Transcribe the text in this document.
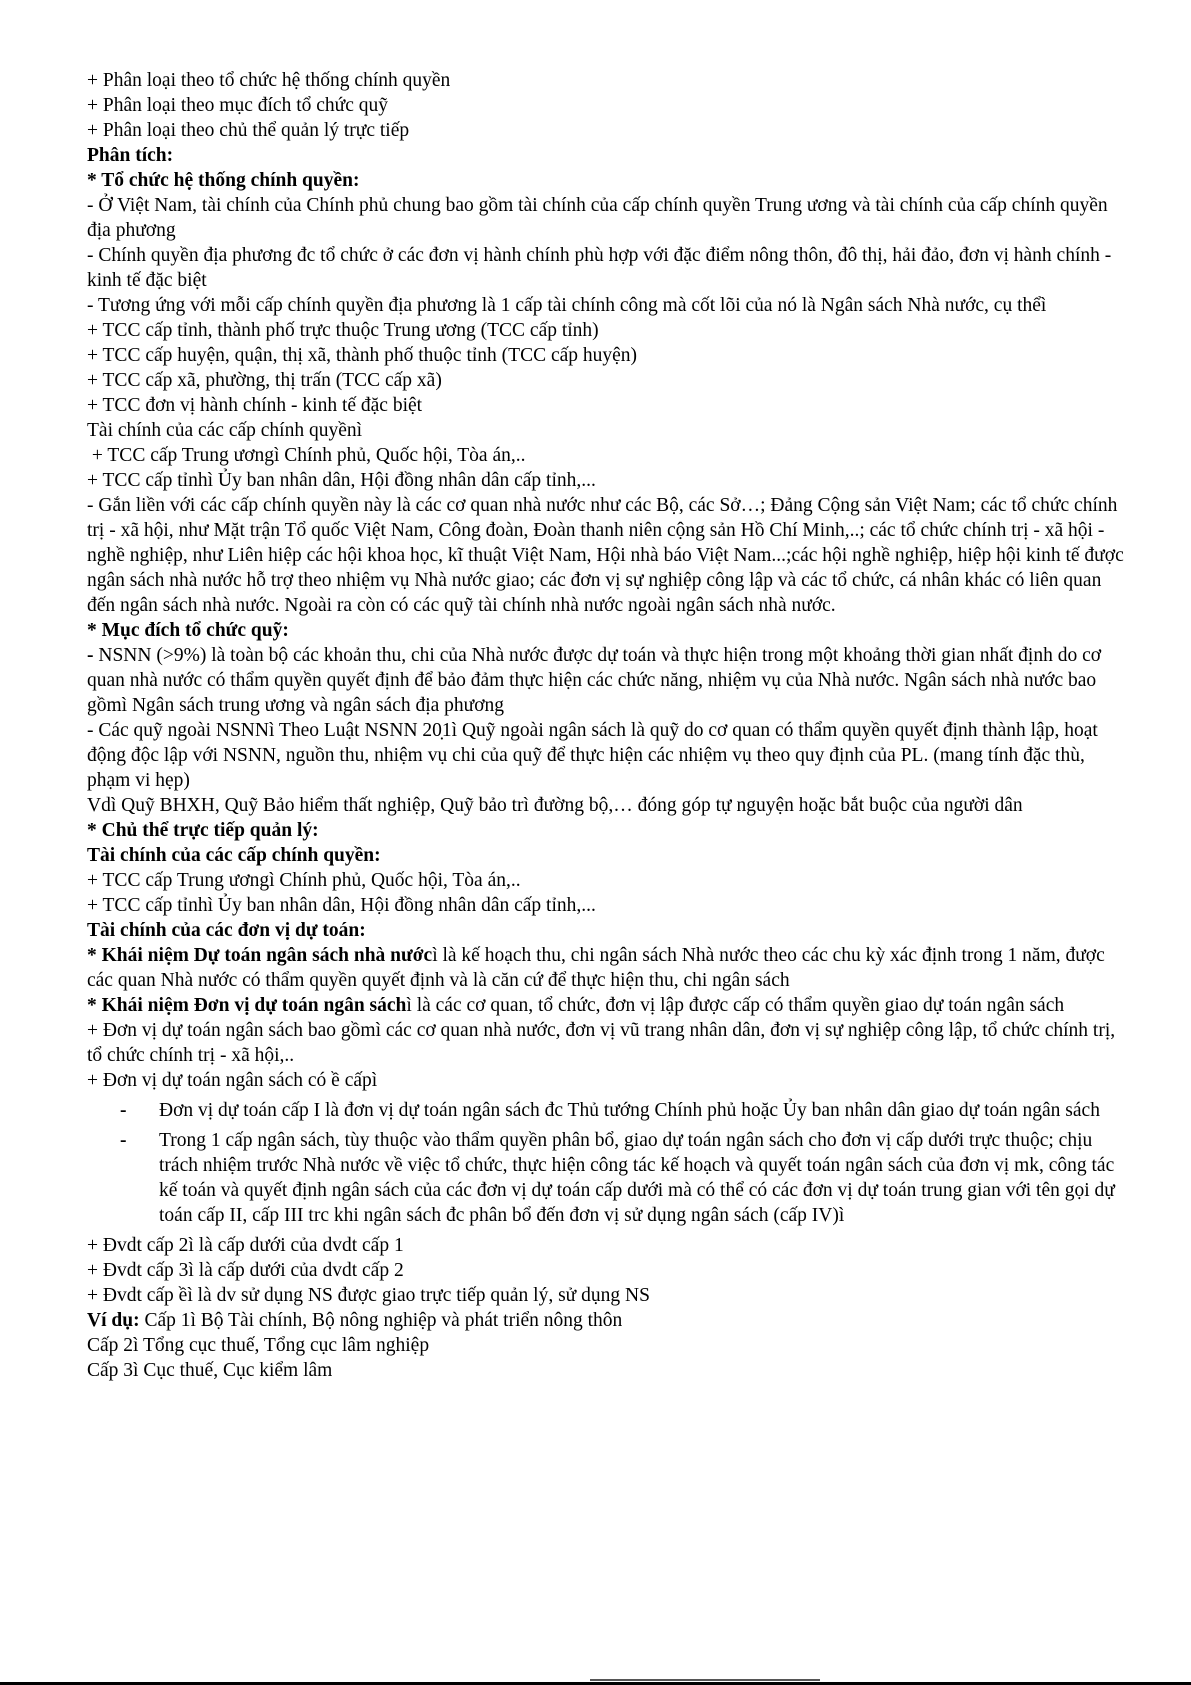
+ Phân loại theo tổ chức hệ thống chính quyền

+ Phân loại theo mục đích tổ chức quỹ

+ Phân loại theo chủ thể quản lý trực tiếp

Phân tích:

* Tổ chức hệ thống chính quyền:

- Ở Việt Nam, tài chính của Chính phủ chung bao gồm tài chính của cấp chính quyền Trung ương và tài chính của cấp chính quyền địa phương

- Chính quyền địa phương đc tổ chức ở các đơn vị hành chính phù hợp với đặc điểm nông thôn, đô thị, hải đảo, đơn vị hành chính - kinh tế đặc biệt

- Tương ứng với mỗi cấp chính quyền địa phương là 1 cấp tài chính công mà cốt lõi của nó là Ngân sách Nhà nước, cụ thểì

+ TCC cấp tỉnh, thành phố trực thuộc Trung ương (TCC cấp tỉnh)

+ TCC cấp huyện, quận, thị xã, thành phố thuộc tỉnh (TCC cấp huyện)

+ TCC cấp xã, phường, thị trấn (TCC cấp xã)

+ TCC đơn vị hành chính - kinh tế đặc biệt

Tài chính của các cấp chính quyềnì

+ TCC cấp Trung ươngì Chính phủ, Quốc hội, Tòa án,..

+ TCC cấp tỉnhì Ủy ban nhân dân, Hội đồng nhân dân cấp tỉnh,...

- Gắn liền với các cấp chính quyền này là các cơ quan nhà nước như các Bộ, các Sở…; Đảng Cộng sản Việt Nam; các tổ chức chính trị - xã hội, như Mặt trận Tổ quốc Việt Nam, Công đoàn, Đoàn thanh niên cộng sản Hồ Chí Minh,..; các tổ chức chính trị - xã hội - nghề nghiệp, như Liên hiệp các hội khoa học, kĩ thuật Việt Nam, Hội nhà báo Việt Nam...;các hội nghề nghiệp, hiệp hội kinh tế được ngân sách nhà nước hỗ trợ theo nhiệm vụ Nhà nước giao; các đơn vị sự nghiệp công lập và các tổ chức, cá nhân khác có liên quan đến ngân sách nhà nước. Ngoài ra còn có các quỹ tài chính nhà nước ngoài ngân sách nhà nước.

* Mục đích tổ chức quỹ:

- NSNN (>9%) là toàn bộ các khoản thu, chi của Nhà nước được dự toán và thực hiện trong một khoảng thời gian nhất định do cơ quan nhà nước có thẩm quyền quyết định để bảo đảm thực hiện các chức năng, nhiệm vụ của Nhà nước. Ngân sách nhà nước bao gồmì Ngân sách trung ương và ngân sách địa phương

- Các quỹ ngoài NSNNì Theo Luật NSNN 20̣1ì Quỹ ngoài ngân sách là quỹ do cơ quan có thẩm quyền quyết định thành lập, hoạt động độc lập với NSNN, nguồn thu, nhiệm vụ chi của quỹ để thực hiện các nhiệm vụ theo quy định của PL. (mang tính đặc thù, phạm vi hẹp)

Vdì Quỹ BHXH, Quỹ Bảo hiểm thất nghiệp, Quỹ bảo trì đường bộ,… đóng góp tự nguyện hoặc bắt buộc của người dân

* Chủ thể trực tiếp quản lý:

Tài chính của các cấp chính quyền:

+ TCC cấp Trung ươngì Chính phủ, Quốc hội, Tòa án,..

+ TCC cấp tỉnhì Ủy ban nhân dân, Hội đồng nhân dân cấp tỉnh,...

Tài chính của các đơn vị dự toán:

* Khái niệm Dự toán ngân sách nhà nướcì là kế hoạch thu, chi ngân sách Nhà nước theo các chu kỳ xác định trong 1 năm, được các quan Nhà nước có thẩm quyền quyết định và là căn cứ để thực hiện thu, chi ngân sách

* Khái niệm Đơn vị dự toán ngân sáchì là các cơ quan, tổ chức, đơn vị lập được cấp có thẩm quyền giao dự toán ngân sách

+ Đơn vị dự toán ngân sách bao gồmì các cơ quan nhà nước, đơn vị vũ trang nhân dân, đơn vị sự nghiệp công lập, tổ chức chính trị, tổ chức chính trị - xã hội,..

+ Đơn vị dự toán ngân sách có ề cấpì

- Đơn vị dự toán cấp I là đơn vị dự toán ngân sách đc Thủ tướng Chính phủ hoặc Ủy ban nhân dân giao dự toán ngân sách

- Trong 1 cấp ngân sách, tùy thuộc vào thẩm quyền phân bổ, giao dự toán ngân sách cho đơn vị cấp dưới trực thuộc; chịu trách nhiệm trước Nhà nước về việc tổ chức, thực hiện công tác kế hoạch và quyết toán ngân sách của đơn vị mk, công tác kế toán và quyết định ngân sách của các đơn vị dự toán cấp dưới mà có thể có các đơn vị dự toán trung gian với tên gọi dự toán cấp II, cấp III trc khi ngân sách đc phân bổ đến đơn vị sử dụng ngân sách (cấp IV)ì

+ Đvdt cấp 2ì là cấp dưới của dvdt cấp 1

+ Đvdt cấp 3ì là cấp dưới của dvdt cấp 2

+ Đvdt cấp ềì là dv sử dụng NS được giao trực tiếp quản lý, sử dụng NS

Ví dụ: Cấp 1ì Bộ Tài chính, Bộ nông nghiệp và phát triển nông thôn

Cấp 2ì Tổng cục thuế, Tổng cục lâm nghiệp

Cấp 3ì Cục thuế, Cục kiểm lâm
